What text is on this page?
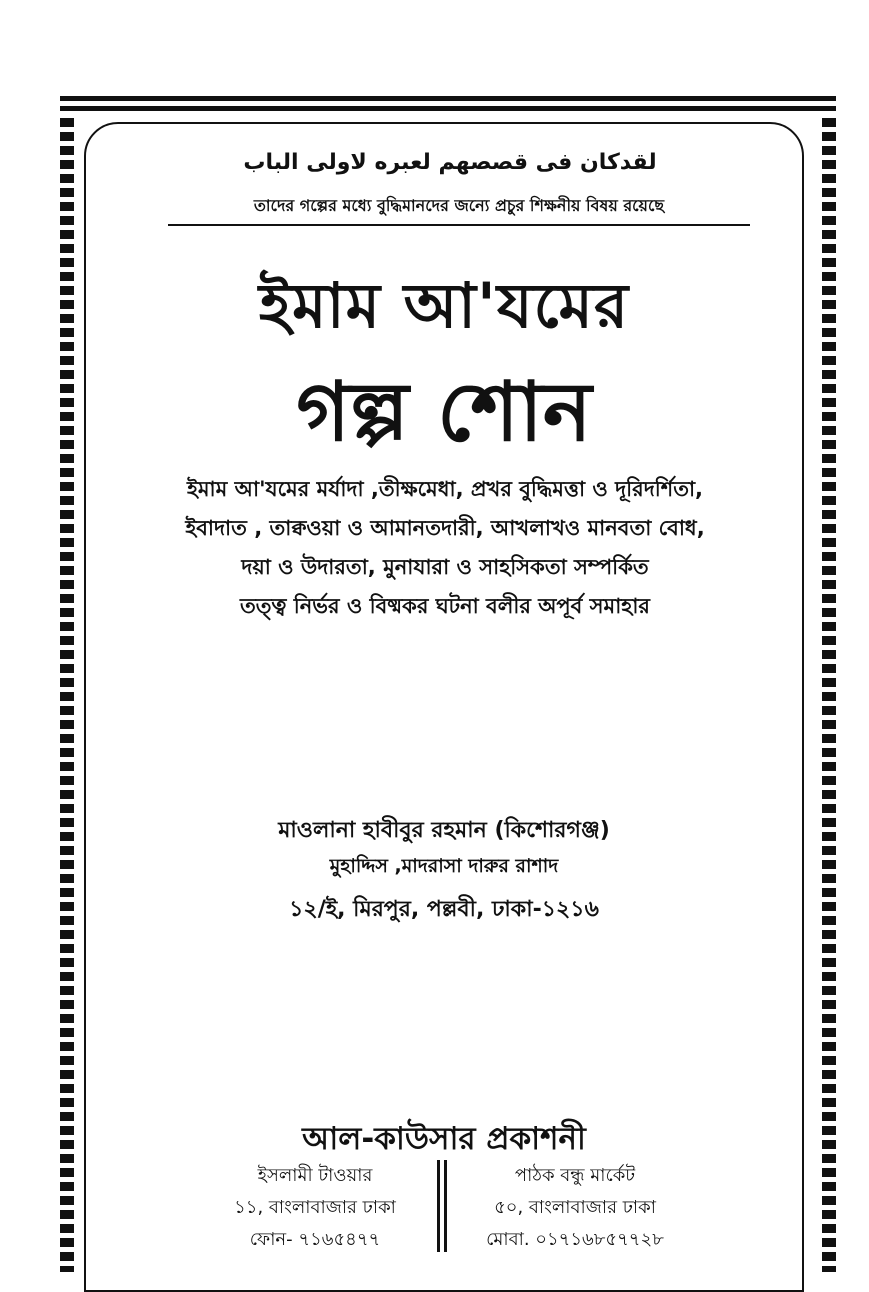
لقدكان فى قصصهم لعبره لاولى الباب
তাদের গল্পের মধ্যে বুদ্ধিমানদের জন্যে প্রচুর শিক্ষনীয় বিষয় রয়েছে
ইমাম আ'যমের
গল্প শোন
ইমাম আ'যমের মর্যাদা ,তীক্ষমেধা, প্রখর বুদ্ধিমত্তা ও দূরিদর্শিতা,
ইবাদাত , তাক্বওয়া ও আমানতদারী, আখলাখও মানবতা বোধ,
দয়া ও উদারতা, মুনাযারা ও সাহসিকতা সম্পর্কিত
তত্ত্ব নির্ভর ও বিষ্মকর ঘটনা বলীর অপূর্ব সমাহার
মাওলানা হাবীবুর রহমান (কিশোরগঞ্জ)
মুহাদ্দিস ,মাদরাসা দারুর রাশাদ
১২/ই, মিরপুর, পল্লবী, ঢাকা-১২১৬
আল-কাউসার প্রকাশনী
ইসলামী টাওয়ার
১১, বাংলাবাজার ঢাকা
ফোন- ৭১৬৫৪৭৭
পাঠক বন্ধু মার্কেট
৫০, বাংলাবাজার ঢাকা
মোবা. ০১৭১৬৮৫৭৭২৮
